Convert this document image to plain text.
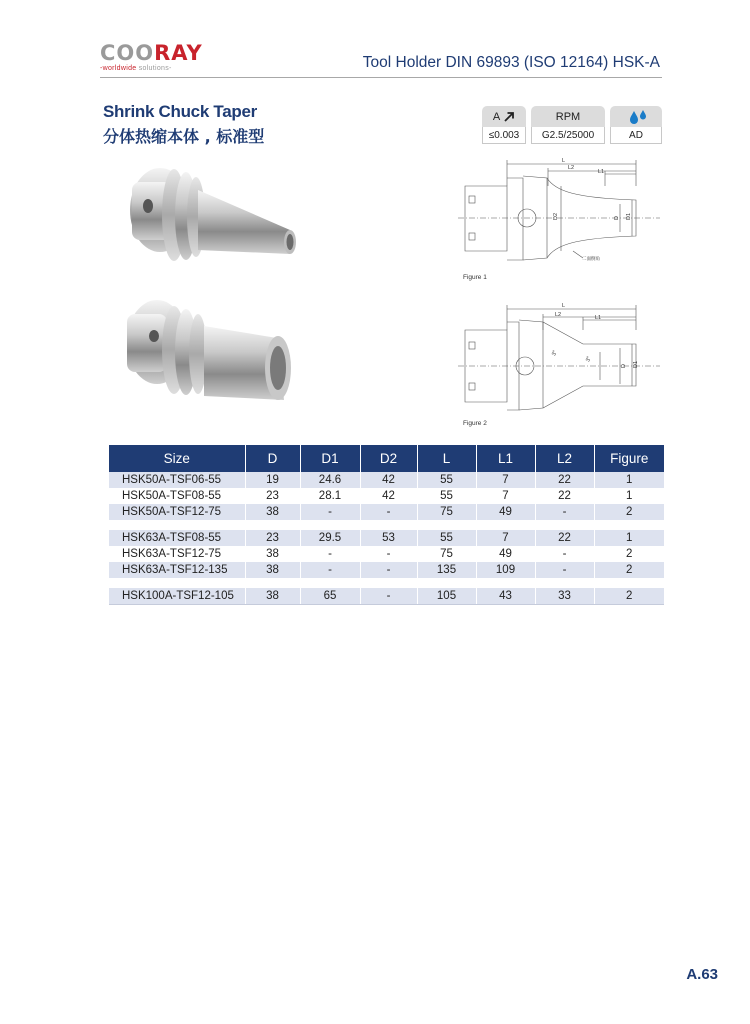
COORAY
-worldwide solutions-	Tool Holder DIN 69893 (ISO 12164) HSK-A
Shrink Chuck Taper
分体热缩本体 , 标准型
A
≤0.003
RPM
G2.5/25000	AD
L
L2
L1
D2	D D1
二面倒角
Figure 1
L
L2	L1
3°
3°
D D1
Figure 2
Size	D	D1	D2	L	L1	L2	Figure
HSK50A-TSF06-55	19	24.6	42	55	7	22	1
HSK50A-TSF08-55	23	28.1	42	55	7	22	1
HSK50A-TSF12-75	38	-	-	75	49	-	2

HSK63A-TSF08-55	23	29.5	53	55	7	22	1
HSK63A-TSF12-75	38	-	-	75	49	-	2
HSK63A-TSF12-135	38	-	-	135	109	-	2

HSK100A-TSF12-105	38	65	-	105	43	33	2
A.63
